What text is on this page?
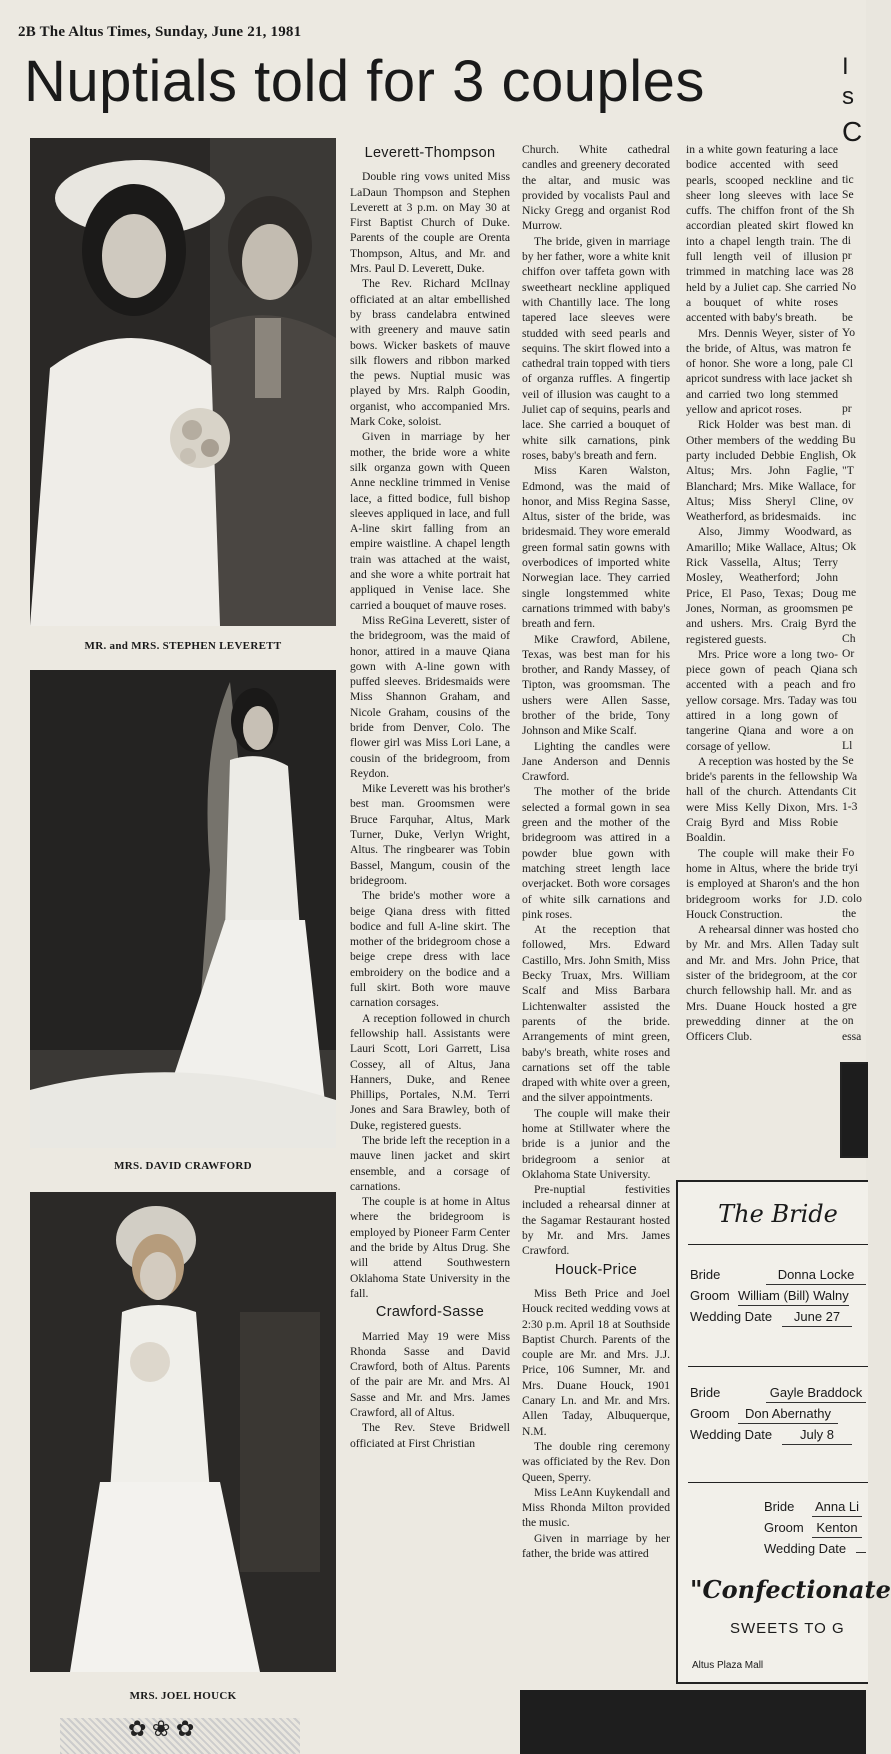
2B The Altus Times, Sunday, June 21, 1981
Nuptials told for 3 couples
MR. and MRS. STEPHEN LEVERETT
MRS. DAVID CRAWFORD
MRS. JOEL HOUCK
Leverett-Thompson

Double ring vows united Miss LaDaun Thompson and Stephen Leverett at 3 p.m. on May 30 at First Baptist Church of Duke. Parents of the couple are Orenta Thompson, Altus, and Mr. and Mrs. Paul D. Leverett, Duke.

The Rev. Richard McIlnay officiated at an altar embellished by brass candelabra entwined with greenery and mauve satin bows. Wicker baskets of mauve silk flowers and ribbon marked the pews. Nuptial music was played by Mrs. Ralph Goodin, organist, who accompanied Mrs. Mark Coke, soloist.

Given in marriage by her mother, the bride wore a white silk organza gown with Queen Anne neckline trimmed in Venise lace, a fitted bodice, full bishop sleeves appliqued in lace, and full A-line skirt falling from an empire waistline. A chapel length train was attached at the waist, and she wore a white portrait hat appliqued in Venise lace. She carried a bouquet of mauve roses.

Miss ReGina Leverett, sister of the bridegroom, was the maid of honor, attired in a mauve Qiana gown with A-line gown with puffed sleeves. Bridesmaids were Miss Shannon Graham, and Nicole Graham, cousins of the bride from Denver, Colo. The flower girl was Miss Lori Lane, a cousin of the bridegroom, from Reydon.

Mike Leverett was his brother's best man. Groomsmen were Bruce Farquhar, Altus, Mark Turner, Duke, Verlyn Wright, Altus. The ringbearer was Tobin Bassel, Mangum, cousin of the bridegroom.

The bride's mother wore a beige Qiana dress with fitted bodice and full A-line skirt. The mother of the bridegroom chose a beige crepe dress with lace embroidery on the bodice and a full skirt. Both wore mauve carnation corsages.

A reception followed in church fellowship hall. Assistants were Lauri Scott, Lori Garrett, Lisa Cossey, all of Altus, Jana Hanners, Duke, and Renee Phillips, Portales, N.M. Terri Jones and Sara Brawley, both of Duke, registered guests.

The bride left the reception in a mauve linen jacket and skirt ensemble, and a corsage of carnations.

The couple is at home in Altus where the bridegroom is employed by Pioneer Farm Center and the bride by Altus Drug. She will attend Southwestern Oklahoma State University in the fall.

Crawford-Sasse

Married May 19 were Miss Rhonda Sasse and David Crawford, both of Altus. Parents of the pair are Mr. and Mrs. Al Sasse and Mr. and Mrs. James Crawford, all of Altus.

The Rev. Steve Bridwell officiated at First Christian

Church. White cathedral candles and greenery decorated the altar, and music was provided by vocalists Paul and Nicky Gregg and organist Rod Murrow.

The bride, given in marriage by her father, wore a white knit chiffon over taffeta gown with sweetheart neckline appliqued with Chantilly lace. The long tapered lace sleeves were studded with seed pearls and sequins. The skirt flowed into a cathedral train topped with tiers of organza ruffles. A fingertip veil of illusion was caught to a Juliet cap of sequins, pearls and lace. She carried a bouquet of white silk carnations, pink roses, baby's breath and fern.

Miss Karen Walston, Edmond, was the maid of honor, and Miss Regina Sasse, Altus, sister of the bride, was bridesmaid. They wore emerald green formal satin gowns with overbodices of imported white Norwegian lace. They carried single longstemmed white carnations trimmed with baby's breath and fern.

Mike Crawford, Abilene, Texas, was best man for his brother, and Randy Massey, of Tipton, was groomsman. The ushers were Allen Sasse, brother of the bride, Tony Johnson and Mike Scalf.

Lighting the candles were Jane Anderson and Dennis Crawford.

The mother of the bride selected a formal gown in sea green and the mother of the bridegroom was attired in a powder blue gown with matching street length lace overjacket. Both wore corsages of white silk carnations and pink roses.

At the reception that followed, Mrs. Edward Castillo, Mrs. John Smith, Miss Becky Truax, Mrs. William Scalf and Miss Barbara Lichtenwalter assisted the parents of the bride. Arrangements of mint green, baby's breath, white roses and carnations set off the table draped with white over a green, and the silver appointments.

The couple will make their home at Stillwater where the bride is a junior and the bridegroom a senior at Oklahoma State University.

Pre-nuptial festivities included a rehearsal dinner at the Sagamar Restaurant hosted by Mr. and Mrs. James Crawford.

Houck-Price

Miss Beth Price and Joel Houck recited wedding vows at 2:30 p.m. April 18 at Southside Baptist Church. Parents of the couple are Mr. and Mrs. J.J. Price, 106 Sumner, Mr. and Mrs. Duane Houck, 1901 Canary Ln. and Mr. and Mrs. Allen Taday, Albuquerque, N.M.

The double ring ceremony was officiated by the Rev. Don Queen, Sperry.

Miss LeAnn Kuykendall and Miss Rhonda Milton provided the music.

Given in marriage by her father, the bride was attired

in a white gown featuring a lace bodice accented with seed pearls, scooped neckline and sheer long sleeves with lace cuffs. The chiffon front of the accordian pleated skirt flowed into a chapel length train. The full length veil of illusion trimmed in matching lace was held by a Juliet cap. She carried a bouquet of white roses accented with baby's breath.

Mrs. Dennis Weyer, sister of the bride, of Altus, was matron of honor. She wore a long, pale apricot sundress with lace jacket and carried two long stemmed yellow and apricot roses.

Rick Holder was best man. Other members of the wedding party included Debbie English, Altus; Mrs. John Faglie, Blanchard; Mrs. Mike Wallace, Altus; Miss Sheryl Cline, Weatherford, as bridesmaids.

Also, Jimmy Woodward, Amarillo; Mike Wallace, Altus; Rick Vassella, Altus; Terry Mosley, Weatherford; John Price, El Paso, Texas; Doug Jones, Norman, as groomsmen and ushers. Mrs. Craig Byrd registered guests.

Mrs. Price wore a long two-piece gown of peach Qiana accented with a peach and yellow corsage. Mrs. Taday was attired in a long gown of tangerine Qiana and wore a corsage of yellow.

A reception was hosted by the bride's parents in the fellowship hall of the church. Attendants were Miss Kelly Dixon, Mrs. Craig Byrd and Miss Robie Boaldin.

The couple will make their home in Altus, where the bride is employed at Sharon's and the bridegroom works for J.D. Houck Construction.

A rehearsal dinner was hosted by Mr. and Mrs. Allen Taday and Mr. and Mrs. John Price, sister of the bridegroom, at the church fellowship hall. Mr. and Mrs. Duane Houck hosted a prewedding dinner at the Officers Club.

I
s
C
tic
Se
Sh
kn
di
pr
28
No

be
Yo
fe
Cl
sh

pr
di
Bu
Ok
"T
for
ov
inc
as
Ok

me
pe
the
Ch
Or
sch
fro
tou

on
Ll
Se
Wa
Cit
1-3

Fo
tryi
hon
colo
the
cho
sult
that
cor
as
gre
on
essa
The Bride
Bride	Donna Locke
Groom William (Bill) Walny
Wedding Date June 27
Bride	Gayle Braddock
Groom Don Abernathy
Wedding Date July 8
Bride Anna Li
Groom Kenton
Wedding Date
"Confectionate
SWEETS TO G
Altus Plaza Mall
✿ ❀ ✿
